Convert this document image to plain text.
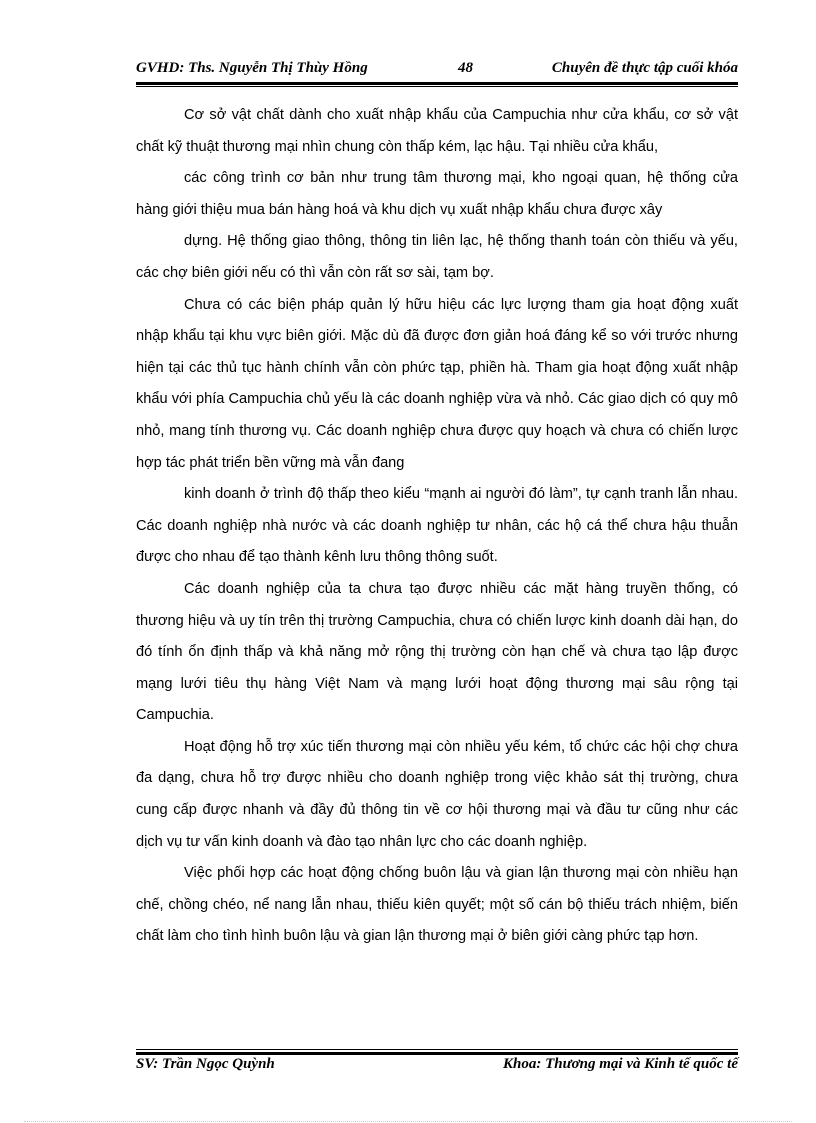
GVHD: Ths. Nguyễn Thị Thùy Hồng	48	Chuyên đề thực tập cuối khóa

Cơ sở vật chất dành cho xuất nhập khẩu của Campuchia như cửa khẩu, cơ sở vật chất kỹ thuật thương mại nhìn chung còn thấp kém, lạc hậu. Tại nhiều cửa khẩu,

các công trình cơ bản như trung tâm thương mại, kho ngoại quan, hệ thống cửa hàng giới thiệu mua bán hàng hoá và khu dịch vụ xuất nhập khẩu chưa được xây

dựng. Hệ thống giao thông, thông tin liên lạc, hệ thống thanh toán còn thiếu và yếu, các chợ biên giới nếu có thì vẫn còn rất sơ sài, tạm bợ.

Chưa có các biện pháp quản lý hữu hiệu các lực lượng tham gia hoạt động xuất nhập khẩu tại khu vực biên giới. Mặc dù đã được đơn giản hoá đáng kể so với trước nhưng hiện tại các thủ tục hành chính vẫn còn phức tạp, phiền hà. Tham gia hoạt động xuất nhập khẩu với phía Campuchia chủ yếu là các doanh nghiệp vừa và nhỏ. Các giao dịch có quy mô nhỏ, mang tính thương vụ. Các doanh nghiệp chưa được quy hoạch và chưa có chiến lược hợp tác phát triển bền vững mà vẫn đang

kinh doanh ở trình độ thấp theo kiểu “mạnh ai người đó làm”, tự cạnh tranh lẫn nhau. Các doanh nghiệp nhà nước và các doanh nghiệp tư nhân, các hộ cá thể chưa hậu thuẫn được cho nhau để tạo thành kênh lưu thông thông suốt.

Các doanh nghiệp của ta chưa tạo được nhiều các mặt hàng truyền thống, có thương hiệu và uy tín trên thị trường Campuchia, chưa có chiến lược kinh doanh dài hạn, do đó tính ổn định thấp và khả năng mở rộng thị trường còn hạn chế và chưa tạo lập được mạng lưới tiêu thụ hàng Việt Nam và mạng lưới hoạt động thương mại sâu rộng tại Campuchia.

Hoạt động hỗ trợ xúc tiến thương mại còn nhiều yếu kém, tổ chức các hội chợ chưa đa dạng, chưa hỗ trợ được nhiều cho doanh nghiệp trong việc khảo sát thị trường, chưa cung cấp được nhanh và đầy đủ thông tin về cơ hội thương mại và đầu tư cũng như các dịch vụ tư vấn kinh doanh và đào tạo nhân lực cho các doanh nghiệp.

Việc phối hợp các hoạt động chống buôn lậu và gian lận thương mại còn nhiều hạn chế, chồng chéo, nể nang lẫn nhau, thiếu kiên quyết; một số cán bộ thiếu trách nhiệm, biến chất làm cho tình hình buôn lậu và gian lận thương mại ở biên giới càng phức tạp hơn.

SV: Trần Ngọc Quỳnh	Khoa: Thương mại và Kinh tế quốc tế
